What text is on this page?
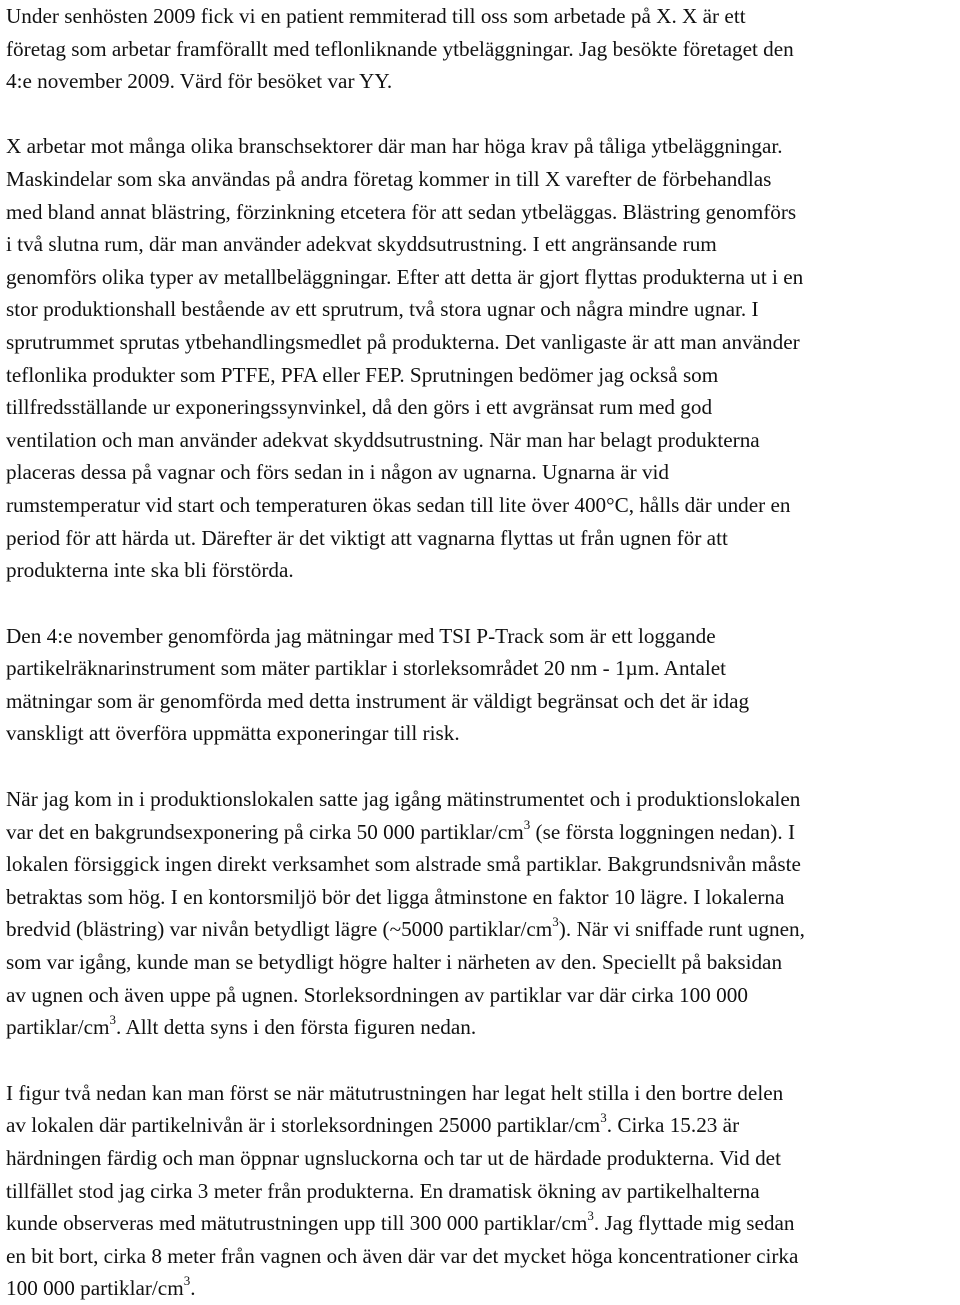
Under senhösten 2009 fick vi en patient remmiterad till oss som arbetade på X. X är ett
företag som arbetar framförallt med teflonliknande ytbeläggningar. Jag besökte företaget den
4:e november 2009. Värd för besöket var YY.
X arbetar mot många olika branschsektorer där man har höga krav på tåliga ytbeläggningar.
Maskindelar som ska användas på andra företag kommer in till X varefter de förbehandlas
med bland annat blästring, förzinkning etcetera för att sedan ytbeläggas. Blästring genomförs
i två slutna rum, där man använder adekvat skyddsutrustning. I ett angränsande rum
genomförs olika typer av metallbeläggningar. Efter att detta är gjort flyttas produkterna ut i en
stor produktionshall bestående av ett sprutrum, två stora ugnar och några mindre ugnar. I
sprutrummet sprutas ytbehandlingsmedlet på produkterna. Det vanligaste är att man använder
teflonlika produkter som PTFE, PFA eller FEP. Sprutningen bedömer jag också som
tillfredsställande ur exponeringssynvinkel, då den görs i ett avgränsat rum med god
ventilation och man använder adekvat skyddsutrustning. När man har belagt produkterna
placeras dessa på vagnar och förs sedan in i någon av ugnarna. Ugnarna är vid
rumstemperatur vid start och temperaturen ökas sedan till lite över 400°C, hålls där under en
period för att härda ut. Därefter är det viktigt att vagnarna flyttas ut från ugnen för att
produkterna inte ska bli förstörda.
Den 4:e november genomförda jag mätningar med TSI P-Track som är ett loggande
partikelräknarinstrument som mäter partiklar i storleksområdet 20 nm - 1µm. Antalet
mätningar som är genomförda med detta instrument är väldigt begränsat och det är idag
vanskligt att överföra uppmätta exponeringar till risk.
När jag kom in i produktionslokalen satte jag igång mätinstrumentet och i produktionslokalen
var det en bakgrundsexponering på cirka 50 000 partiklar/$cm^3$ (se första loggningen nedan). I
lokalen försiggick ingen direkt verksamhet som alstrade små partiklar. Bakgrundsnivån måste
betraktas som hög. I en kontorsmiljö bör det ligga åtminstone en faktor 10 lägre. I lokalerna
bredvid (blästring) var nivån betydligt lägre (~5000 partiklar/$cm^3$). När vi sniffade runt ugnen,
som var igång, kunde man se betydligt högre halter i närheten av den. Speciellt på baksidan
av ugnen och även uppe på ugnen. Storleksordningen av partiklar var där cirka 100 000
partiklar/$cm^3$. Allt detta syns i den första figuren nedan.
I figur två nedan kan man först se när mätutrustningen har legat helt stilla i den bortre delen
av lokalen där partikelnivån är i storleksordningen 25000 partiklar/$cm^3$. Cirka 15.23 är
härdningen färdig och man öppnar ugnsluckorna och tar ut de härdade produkterna. Vid det
tillfället stod jag cirka 3 meter från produkterna. En dramatisk ökning av partikelhalterna
kunde observeras med mätutrustningen upp till 300 000 partiklar/$cm^3$. Jag flyttade mig sedan
en bit bort, cirka 8 meter från vagnen och även där var det mycket höga koncentrationer cirka
100 000 partiklar/$cm^3$.
